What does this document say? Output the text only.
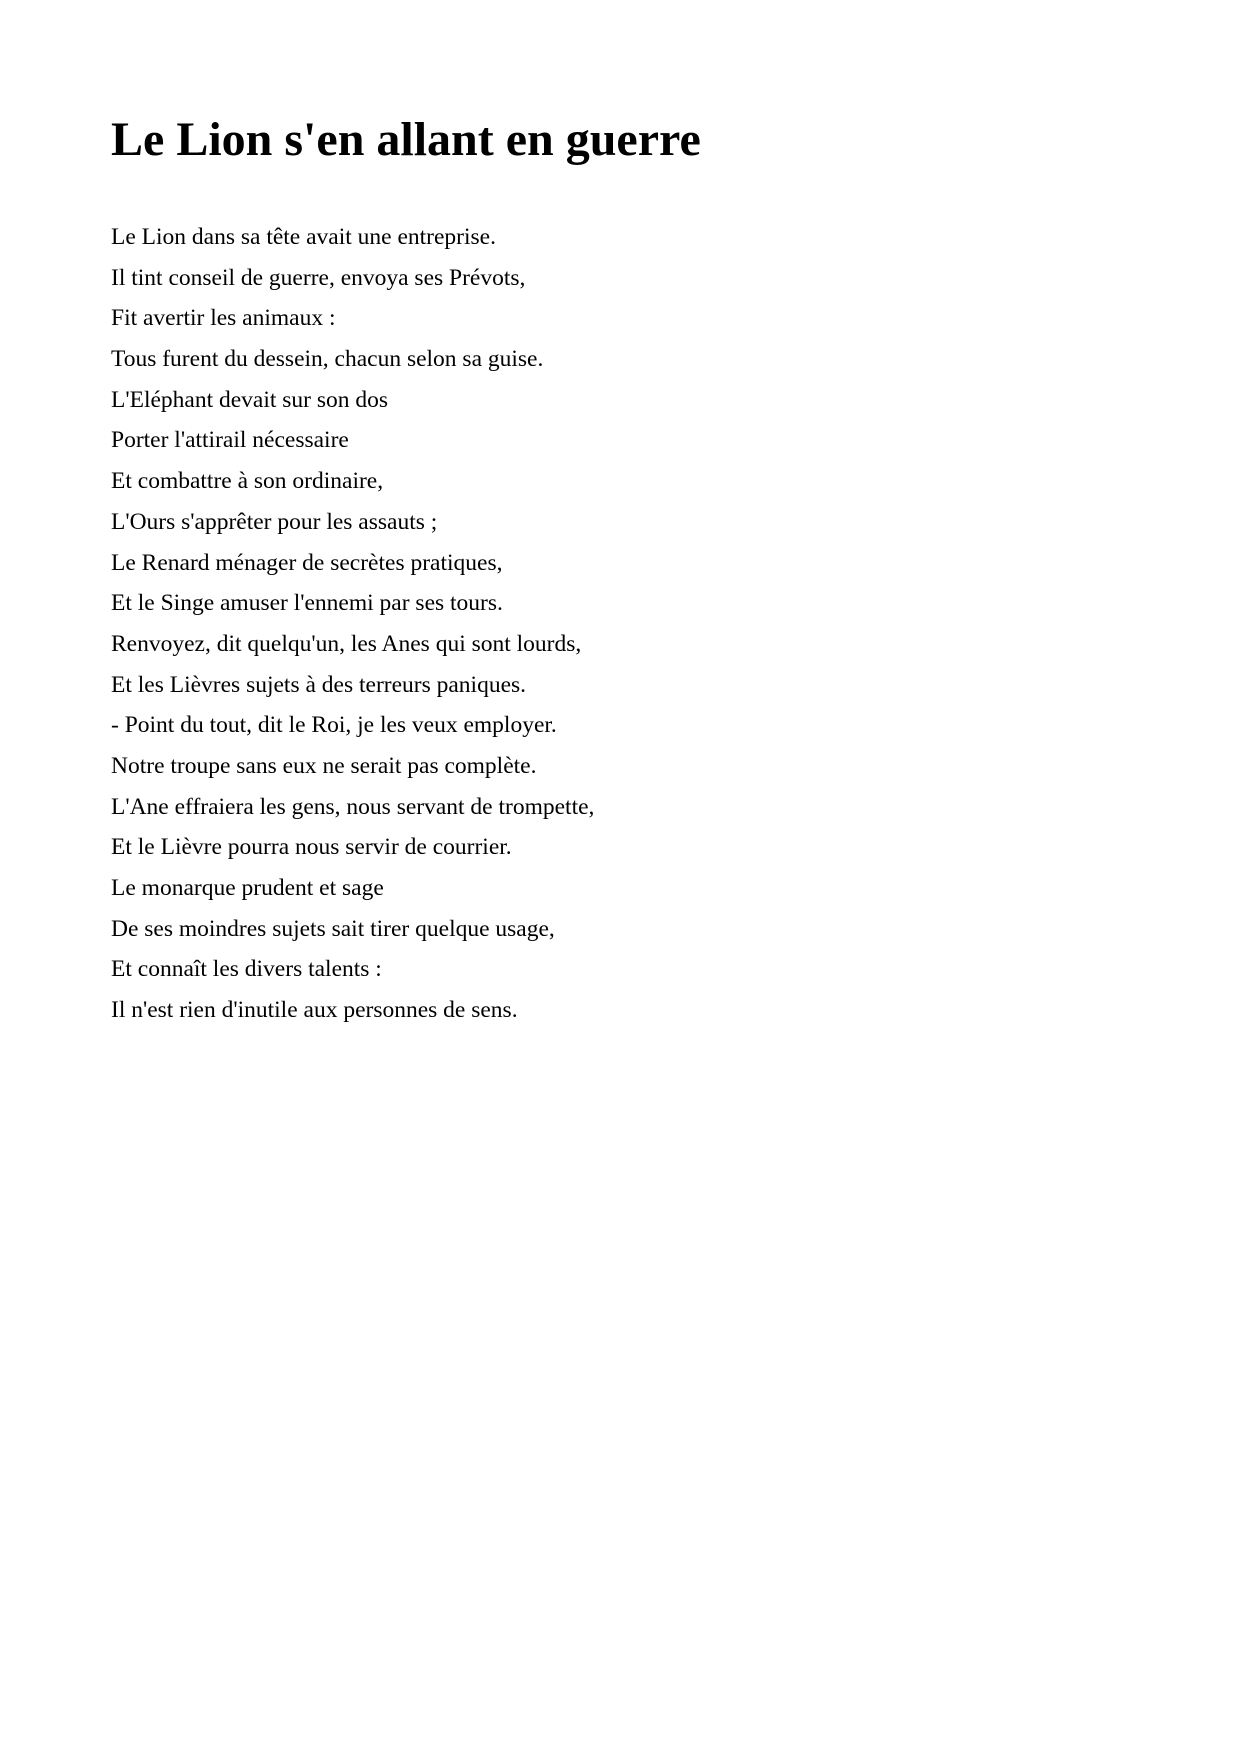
Le Lion s'en allant en guerre
Le Lion dans sa tête avait une entreprise.
Il tint conseil de guerre, envoya ses Prévots,
Fit avertir les animaux :
Tous furent du dessein, chacun selon sa guise.
L'Eléphant devait sur son dos
Porter l'attirail nécessaire
Et combattre à son ordinaire,
L'Ours s'apprêter pour les assauts ;
Le Renard ménager de secrètes pratiques,
Et le Singe amuser l'ennemi par ses tours.
Renvoyez, dit quelqu'un, les Anes qui sont lourds,
Et les Lièvres sujets à des terreurs paniques.
- Point du tout, dit le Roi, je les veux employer.
Notre troupe sans eux ne serait pas complète.
L'Ane effraiera les gens, nous servant de trompette,
Et le Lièvre pourra nous servir de courrier.
Le monarque prudent et sage
De ses moindres sujets sait tirer quelque usage,
Et connaît les divers talents :
Il n'est rien d'inutile aux personnes de sens.
